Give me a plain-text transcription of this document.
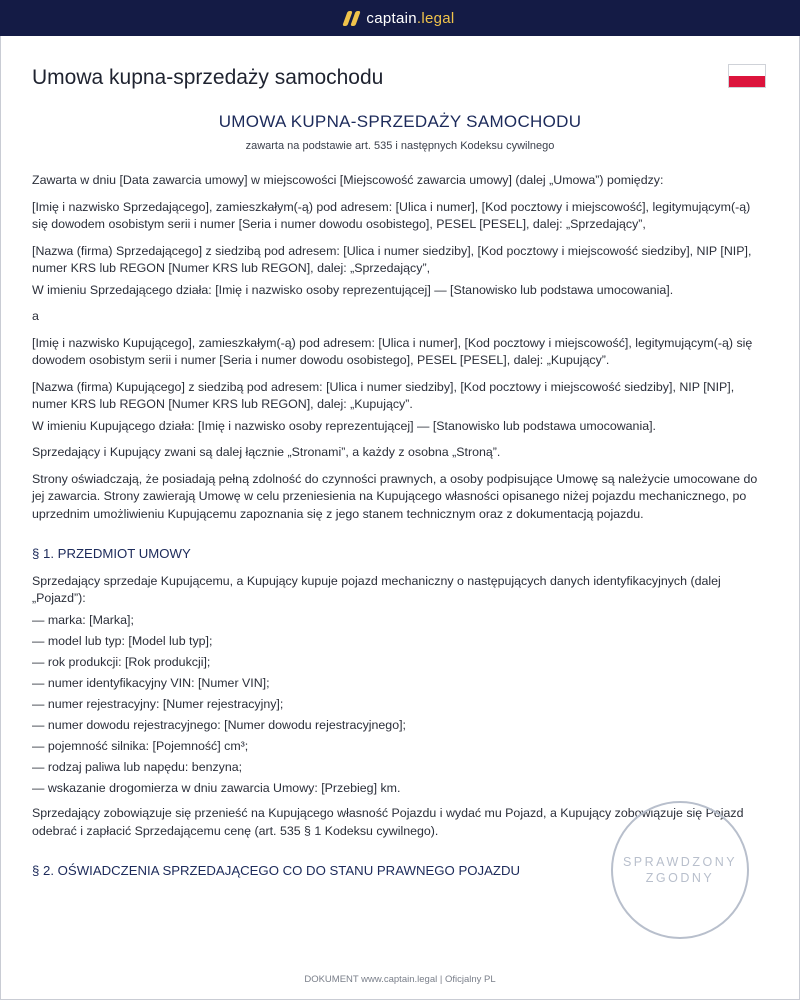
captain.legal
Umowa kupna-sprzedaży samochodu
UMOWA KUPNA-SPRZEDAŻY SAMOCHODU
zawarta na podstawie art. 535 i następnych Kodeksu cywilnego

Zawarta w dniu [Data zawarcia umowy] w miejscowości [Miejscowość zawarcia umowy] (dalej „Umowa”) pomiędzy:

[Imię i nazwisko Sprzedającego], zamieszkałym(-ą) pod adresem: [Ulica i numer], [Kod pocztowy i miejscowość], legitymującym(-ą) się dowodem osobistym serii i numer [Seria i numer dowodu osobistego], PESEL [PESEL], dalej: „Sprzedający”,

[Nazwa (firma) Sprzedającego] z siedzibą pod adresem: [Ulica i numer siedziby], [Kod pocztowy i miejscowość siedziby], NIP [NIP], numer KRS lub REGON [Numer KRS lub REGON], dalej: „Sprzedający”,

W imieniu Sprzedającego działa: [Imię i nazwisko osoby reprezentującej] — [Stanowisko lub podstawa umocowania].

a

[Imię i nazwisko Kupującego], zamieszkałym(-ą) pod adresem: [Ulica i numer], [Kod pocztowy i miejscowość], legitymującym(-ą) się dowodem osobistym serii i numer [Seria i numer dowodu osobistego], PESEL [PESEL], dalej: „Kupujący”.

[Nazwa (firma) Kupującego] z siedzibą pod adresem: [Ulica i numer siedziby], [Kod pocztowy i miejscowość siedziby], NIP [NIP], numer KRS lub REGON [Numer KRS lub REGON], dalej: „Kupujący”.

W imieniu Kupującego działa: [Imię i nazwisko osoby reprezentującej] — [Stanowisko lub podstawa umocowania].

Sprzedający i Kupujący zwani są dalej łącznie „Stronami”, a każdy z osobna „Stroną”.

Strony oświadczają, że posiadają pełną zdolność do czynności prawnych, a osoby podpisujące Umowę są należycie umocowane do jej zawarcia. Strony zawierają Umowę w celu przeniesienia na Kupującego własności opisanego niżej pojazdu mechanicznego, po uprzednim umożliwieniu Kupującemu zapoznania się z jego stanem technicznym oraz z dokumentacją pojazdu.

§ 1. PRZEDMIOT UMOWY

Sprzedający sprzedaje Kupującemu, a Kupujący kupuje pojazd mechaniczny o następujących danych identyfikacyjnych (dalej „Pojazd”):

— marka: [Marka];
— model lub typ: [Model lub typ];
— rok produkcji: [Rok produkcji];
— numer identyfikacyjny VIN: [Numer VIN];
— numer rejestracyjny: [Numer rejestracyjny];
— numer dowodu rejestracyjnego: [Numer dowodu rejestracyjnego];
— pojemność silnika: [Pojemność] cm³;
— rodzaj paliwa lub napędu: benzyna;
— wskazanie drogomierza w dniu zawarcia Umowy: [Przebieg] km.

Sprzedający zobowiązuje się przenieść na Kupującego własność Pojazdu i wydać mu Pojazd, a Kupujący zobowiązuje się Pojazd odebrać i zapłacić Sprzedającemu cenę (art. 535 § 1 Kodeksu cywilnego).

§ 2. OŚWIADCZENIA SPRZEDAJĄCEGO CO DO STANU PRAWNEGO POJAZDU
SPRAWDZONY
ZGODNY
DOKUMENT www.captain.legal | Oficjalny PL
